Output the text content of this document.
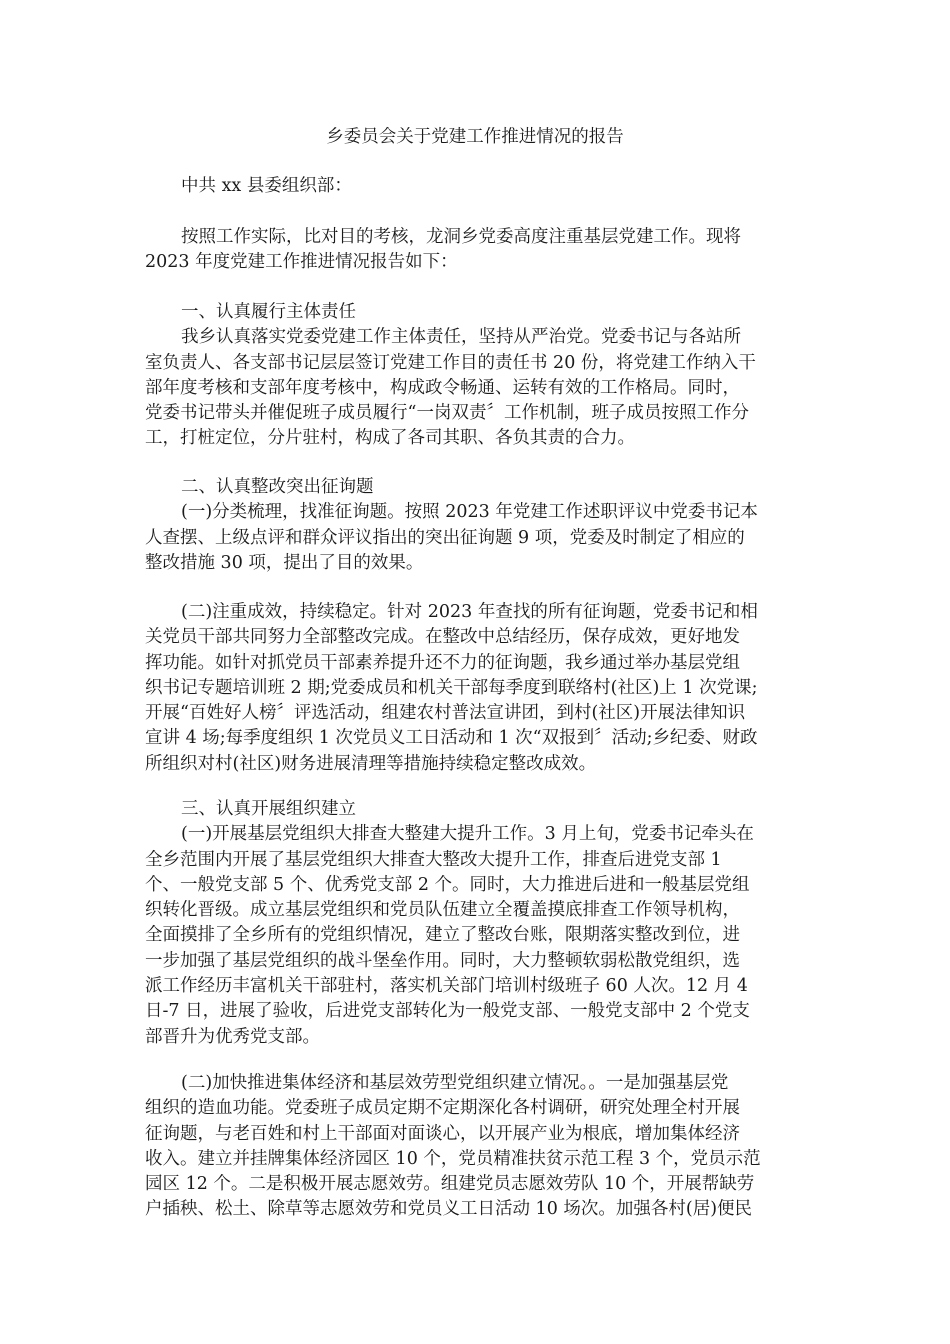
乡委员会关于党建工作推进情况的报告
中共 xx 县委组织部：
按照工作实际，比对目的考核，龙洞乡党委高度注重基层党建工作。现将
2023 年度党建工作推进情况报告如下：
一、认真履行主体责任
我乡认真落实党委党建工作主体责任，坚持从严治党。党委书记与各站所
室负责人、各支部书记层层签订党建工作目的责任书 20 份，将党建工作纳入干
部年度考核和支部年度考核中，构成政令畅通、运转有效的工作格局。同时，
党委书记带头并催促班子成员履行“一岗双责〞工作机制，班子成员按照工作分
工，打桩定位，分片驻村，构成了各司其职、各负其责的合力。
二、认真整改突出征询题
(一)分类梳理，找准征询题。按照 2023 年党建工作述职评议中党委书记本
人查摆、上级点评和群众评议指出的突出征询题 9 项，党委及时制定了相应的
整改措施 30 项，提出了目的效果。
(二)注重成效，持续稳定。针对 2023 年查找的所有征询题，党委书记和相
关党员干部共同努力全部整改完成。在整改中总结经历，保存成效，更好地发
挥功能。如针对抓党员干部素养提升还不力的征询题，我乡通过举办基层党组
织书记专题培训班 2 期;党委成员和机关干部每季度到联络村(社区)上 1 次党课;
开展“百姓好人榜〞评选活动，组建农村普法宣讲团，到村(社区)开展法律知识
宣讲 4 场;每季度组织 1 次党员义工日活动和 1 次“双报到〞活动;乡纪委、财政
所组织对村(社区)财务进展清理等措施持续稳定整改成效。
三、认真开展组织建立
(一)开展基层党组织大排查大整建大提升工作。3 月上旬，党委书记牵头在
全乡范围内开展了基层党组织大排查大整改大提升工作，排查后进党支部 1
个、一般党支部 5 个、优秀党支部 2 个。同时，大力推进后进和一般基层党组
织转化晋级。成立基层党组织和党员队伍建立全覆盖摸底排查工作领导机构，
全面摸排了全乡所有的党组织情况，建立了整改台账，限期落实整改到位，进
一步加强了基层党组织的战斗堡垒作用。同时，大力整顿软弱松散党组织，选
派工作经历丰富机关干部驻村，落实机关部门培训村级班子 60 人次。12 月 4
日-7 日，进展了验收，后进党支部转化为一般党支部、一般党支部中 2 个党支
部晋升为优秀党支部。
(二)加快推进集体经济和基层效劳型党组织建立情况。。一是加强基层党
组织的造血功能。党委班子成员定期不定期深化各村调研，研究处理全村开展
征询题，与老百姓和村上干部面对面谈心，以开展产业为根底，增加集体经济
收入。建立并挂牌集体经济园区 10 个，党员精准扶贫示范工程 3 个，党员示范
园区 12 个。二是积极开展志愿效劳。组建党员志愿效劳队 10 个，开展帮缺劳
户插秧、松土、除草等志愿效劳和党员义工日活动 10 场次。加强各村(居)便民
